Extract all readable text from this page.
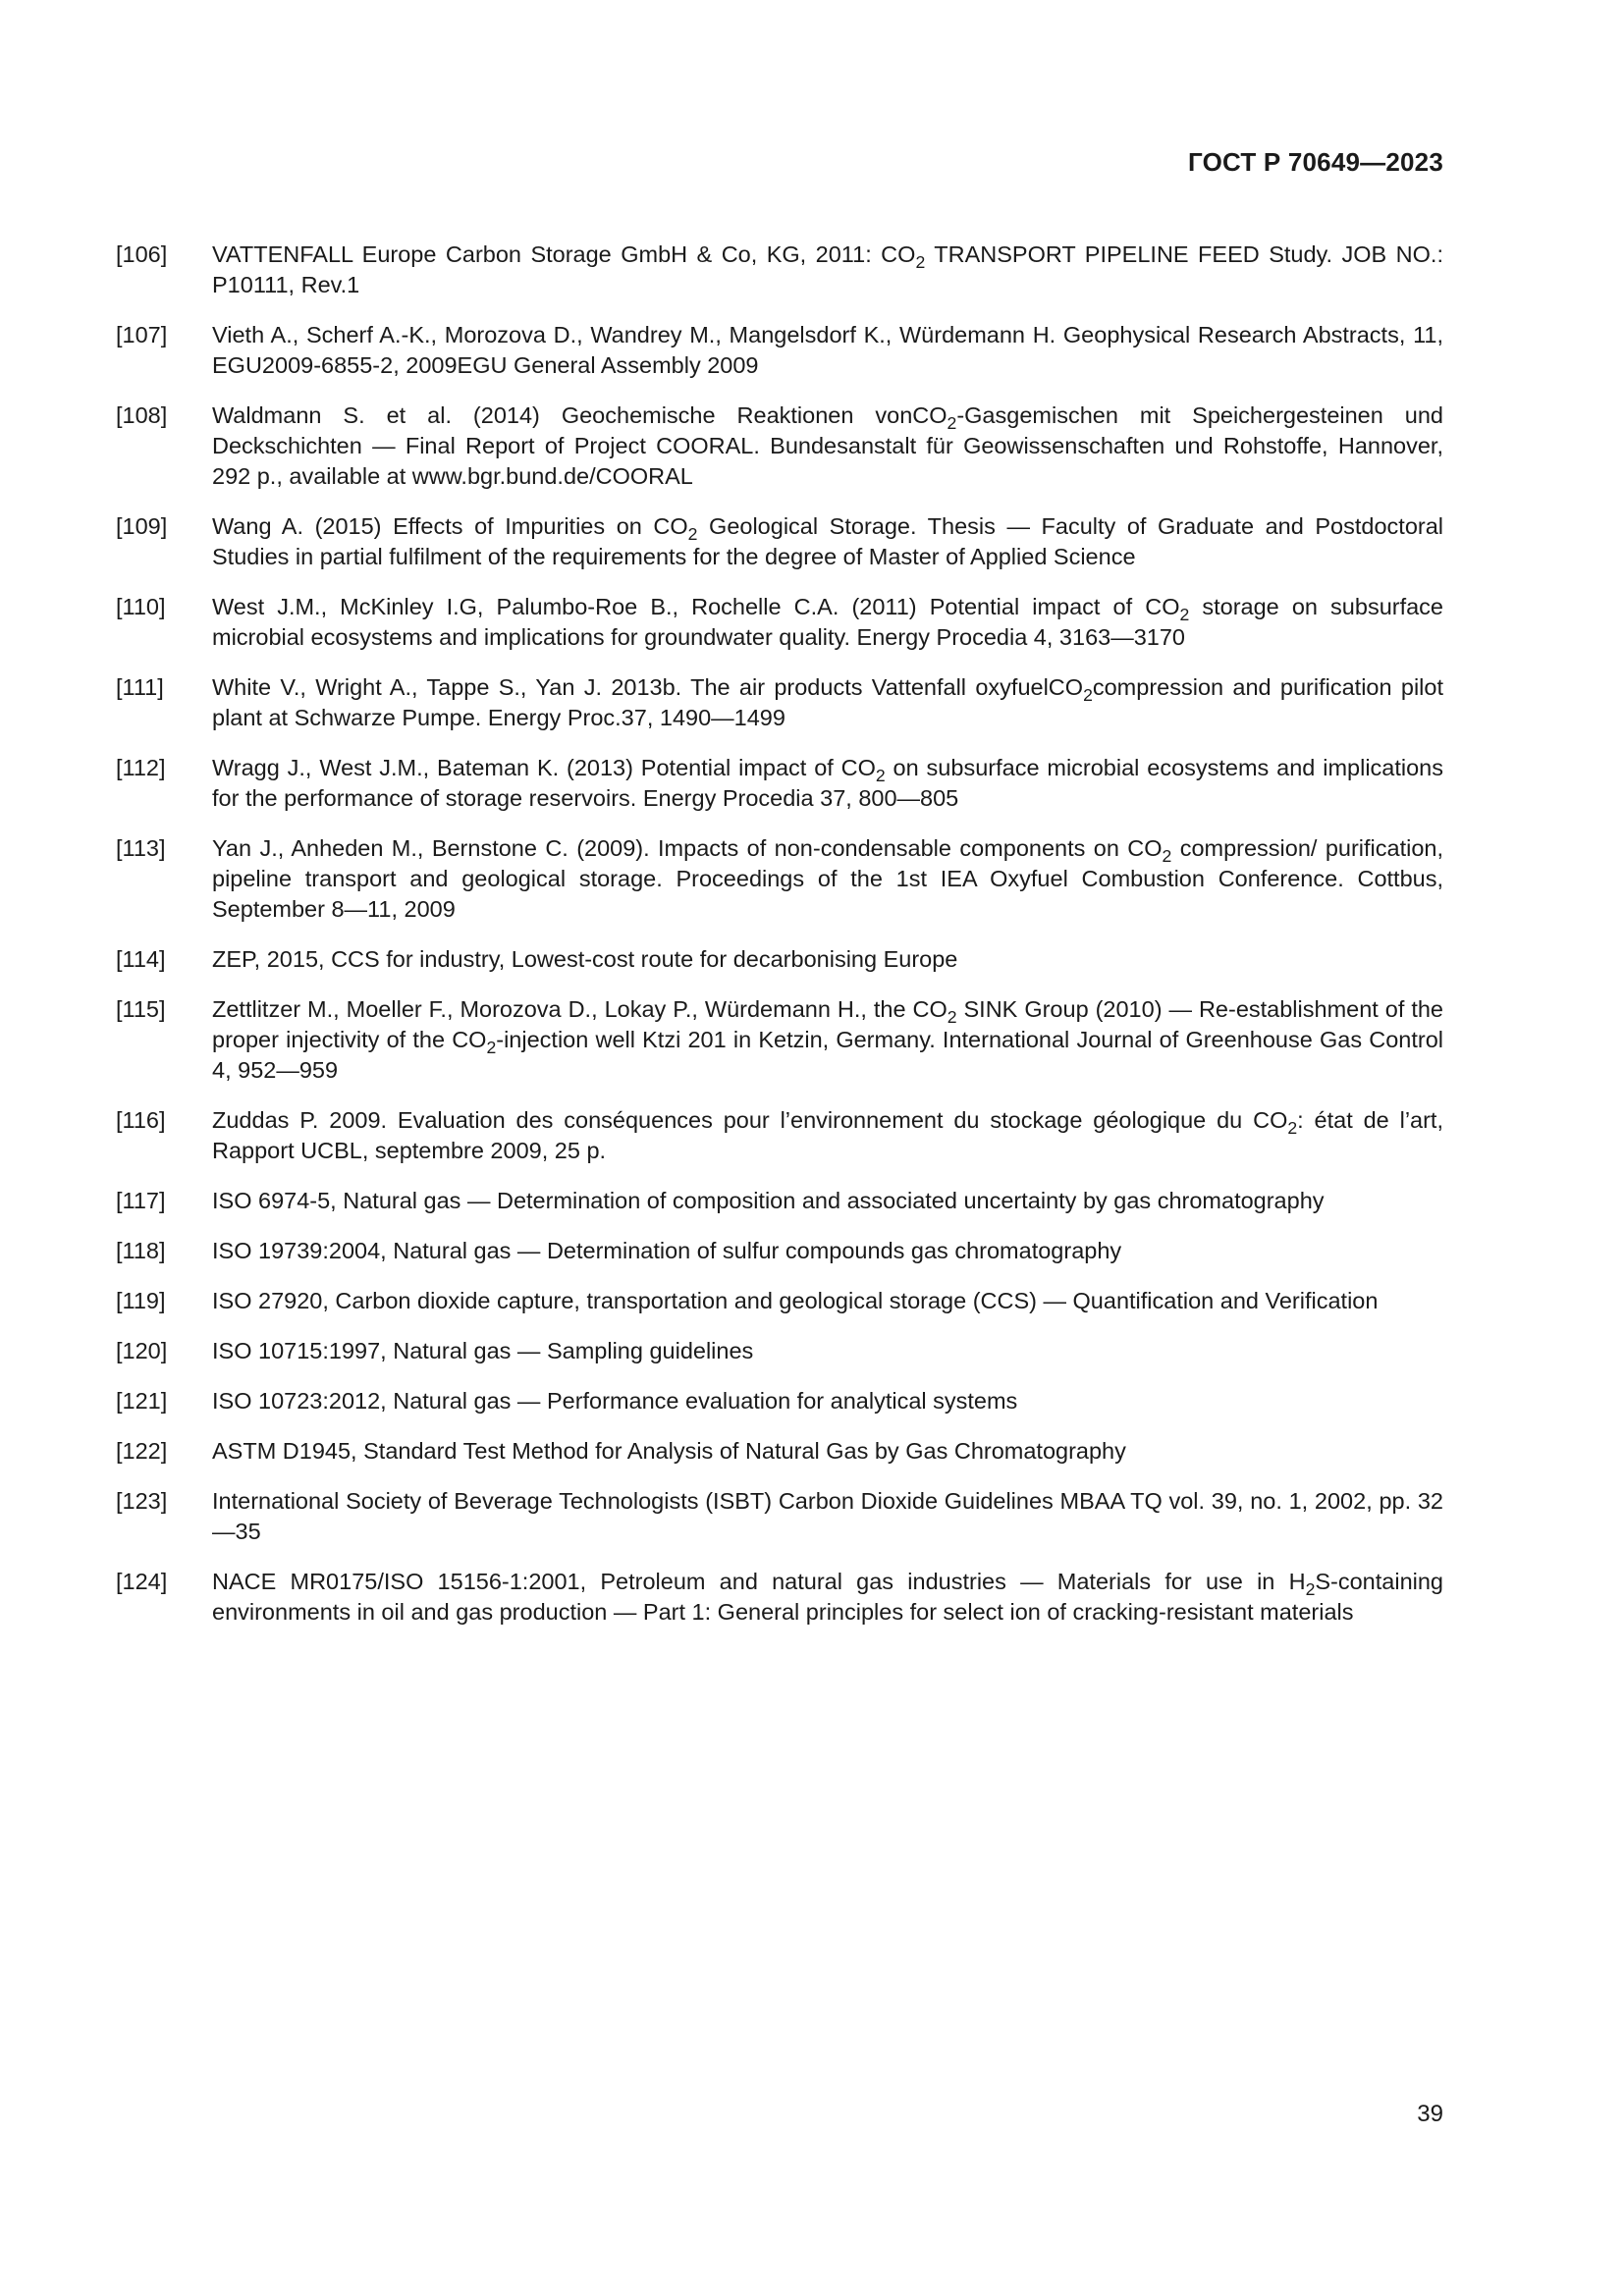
ГОСТ Р 70649—2023
[106]	VATTENFALL Europe Carbon Storage GmbH & Co, KG, 2011: $CO_2$ TRANSPORT PIPELINE FEED Study. JOB NO.: P10111, Rev.1
[107]	Vieth A., Scherf A.-K., Morozova D., Wandrey M., Mangelsdorf K., Würdemann H. Geophysical Research Abstracts, 11, EGU2009-6855-2, 2009EGU General Assembly 2009
[108]	Waldmann S. et al. (2014) Geochemische Reaktionen vonCO$_2$-Gasgemischen mit Speichergesteinen und Deckschichten — Final Report of Project COORAL. Bundesanstalt für Geowissenschaften und Rohstoffe, Hannover, 292 p., available at www.bgr.bund.de/COORAL
[109]	Wang A. (2015) Effects of Impurities on $CO_2$ Geological Storage. Thesis — Faculty of Graduate and Postdoctoral Studies in partial fulfilment of the requirements for the degree of Master of Applied Science
[110]	West J.M., McKinley I.G, Palumbo-Roe B., Rochelle C.A. (2011) Potential impact of $CO_2$ storage on subsurface microbial ecosystems and implications for groundwater quality. Energy Procedia 4, 3163—3170
[111]	White V., Wright A., Tappe S., Yan J. 2013b. The air products Vattenfall oxyfuelCO$_2$compression and purification pilot plant at Schwarze Pumpe. Energy Proc.37, 1490—1499
[112]	Wragg J., West J.M., Bateman K. (2013) Potential impact of $CO_2$ on subsurface microbial ecosystems and implications for the performance of storage reservoirs. Energy Procedia 37, 800—805
[113]	Yan J., Anheden M., Bernstone C. (2009). Impacts of non-condensable components on $CO_2$ compression/ purification, pipeline transport and geological storage. Proceedings of the 1st IEA Oxyfuel Combustion Conference. Cottbus, September 8—11, 2009
[114]	ZEP, 2015, CCS for industry, Lowest-cost route for decarbonising Europe
[115]	Zettlitzer M., Moeller F., Morozova D., Lokay P., Würdemann H., the $CO_2$ SINK Group (2010) — Re-establishment of the proper injectivity of the $CO_2$-injection well Ktzi 201 in Ketzin, Germany. International Journal of Greenhouse Gas Control 4, 952—959
[116]	Zuddas P. 2009. Evaluation des conséquences pour l’environnement du stockage géologique du $CO_2$: état de l’art, Rapport UCBL, septembre 2009, 25 p.
[117]	ISO 6974-5, Natural gas — Determination of composition and associated uncertainty by gas chromatography
[118]	ISO 19739:2004, Natural gas — Determination of sulfur compounds gas chromatography
[119]	ISO 27920, Carbon dioxide capture, transportation and geological storage (CCS) — Quantification and Verification
[120]	ISO 10715:1997, Natural gas — Sampling guidelines
[121]	ISO 10723:2012, Natural gas — Performance evaluation for analytical systems
[122]	ASTM D1945, Standard Test Method for Analysis of Natural Gas by Gas Chromatography
[123]	International Society of Beverage Technologists (ISBT) Carbon Dioxide Guidelines MBAA TQ vol. 39, no. 1, 2002, pp. 32—35
[124]	NACE MR0175/ISO 15156-1:2001, Petroleum and natural gas industries — Materials for use in $H_2S$-containing environments in oil and gas production — Part 1: General principles for select ion of cracking-resistant materials
39
